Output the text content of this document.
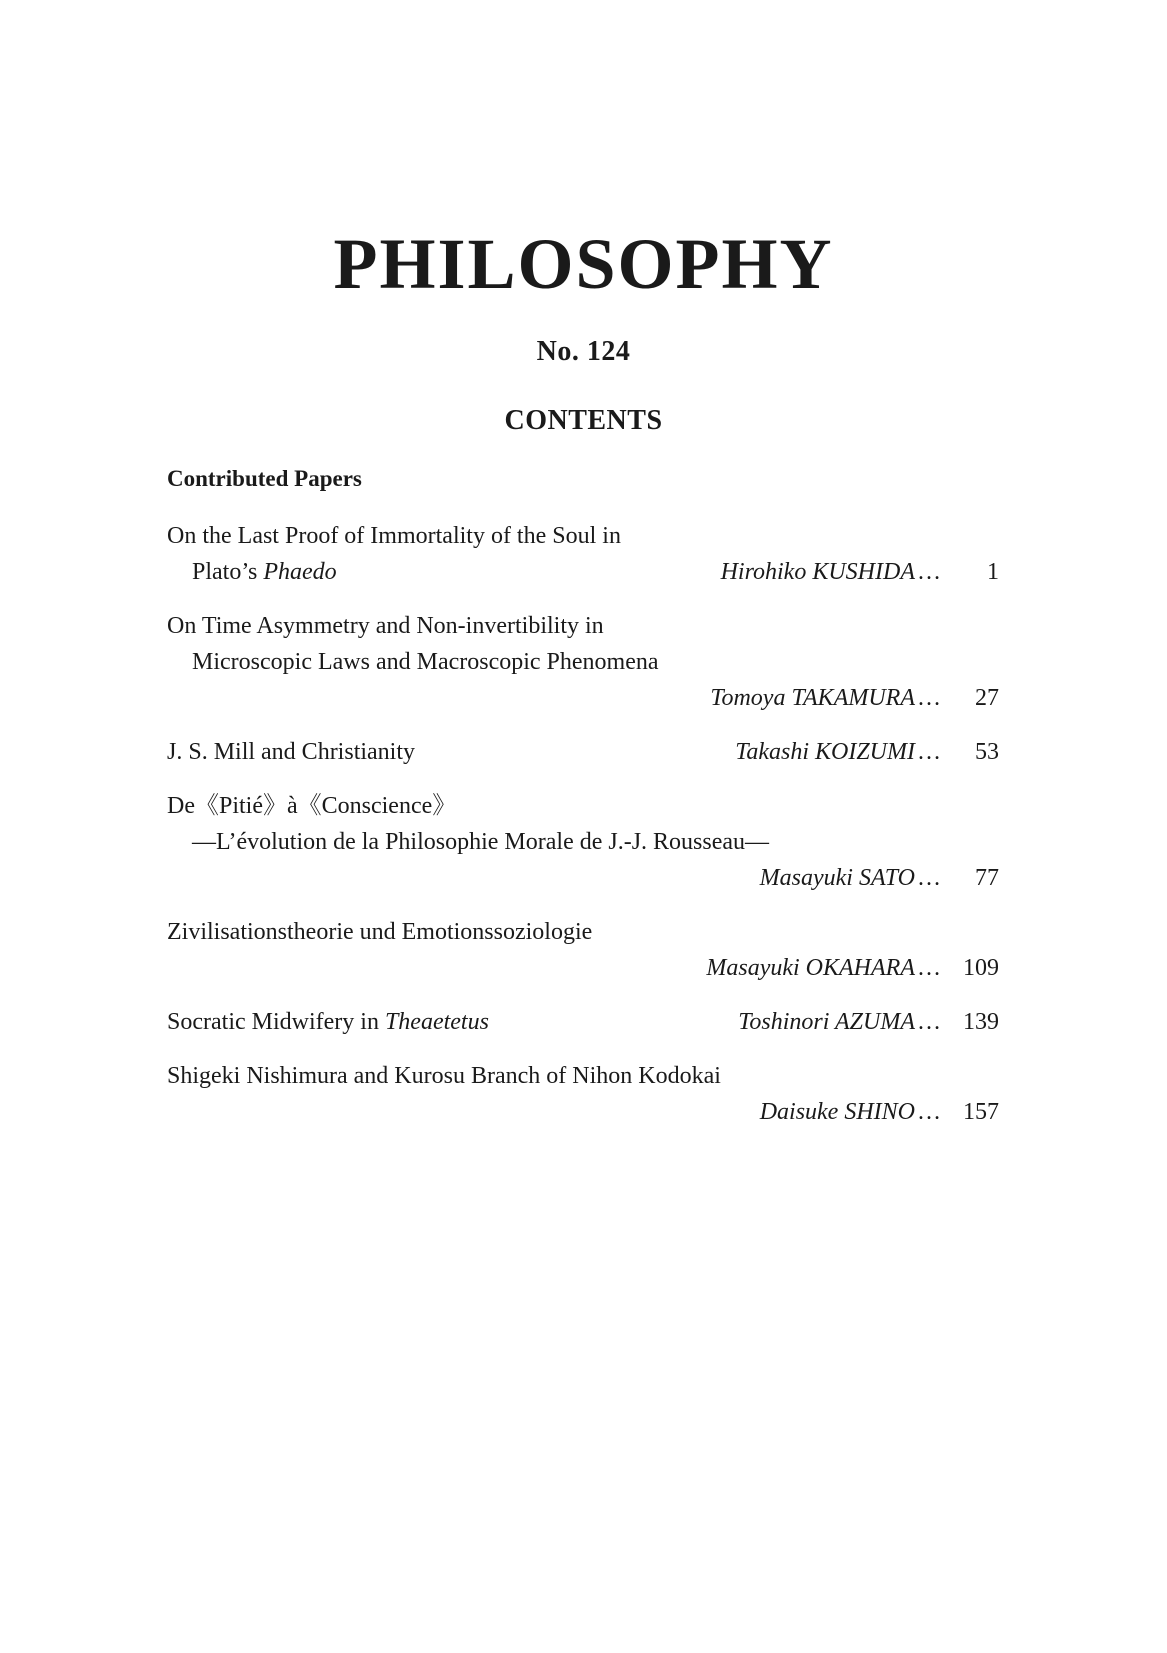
PHILOSOPHY
No. 124
CONTENTS
Contributed Papers
On the Last Proof of Immortality of the Soul in
Plato’s Phaedo	Hirohiko KUSHIDA …	1
On Time Asymmetry and Non-invertibility in
Microscopic Laws and Macroscopic Phenomena
Tomoya TAKAMURA …	27
J. S. Mill and Christianity	Takashi KOIZUMI …	53
De《Pitié》à《Conscience》
—L’évolution de la Philosophie Morale de J.-J. Rousseau—
Masayuki SATO …	77
Zivilisationstheorie und Emotionssoziologie
Masayuki OKAHARA … 109
Socratic Midwifery in Theaetetus	Toshinori AZUMA … 139
Shigeki Nishimura and Kurosu Branch of Nihon Kodokai
Daisuke SHINO … 157
